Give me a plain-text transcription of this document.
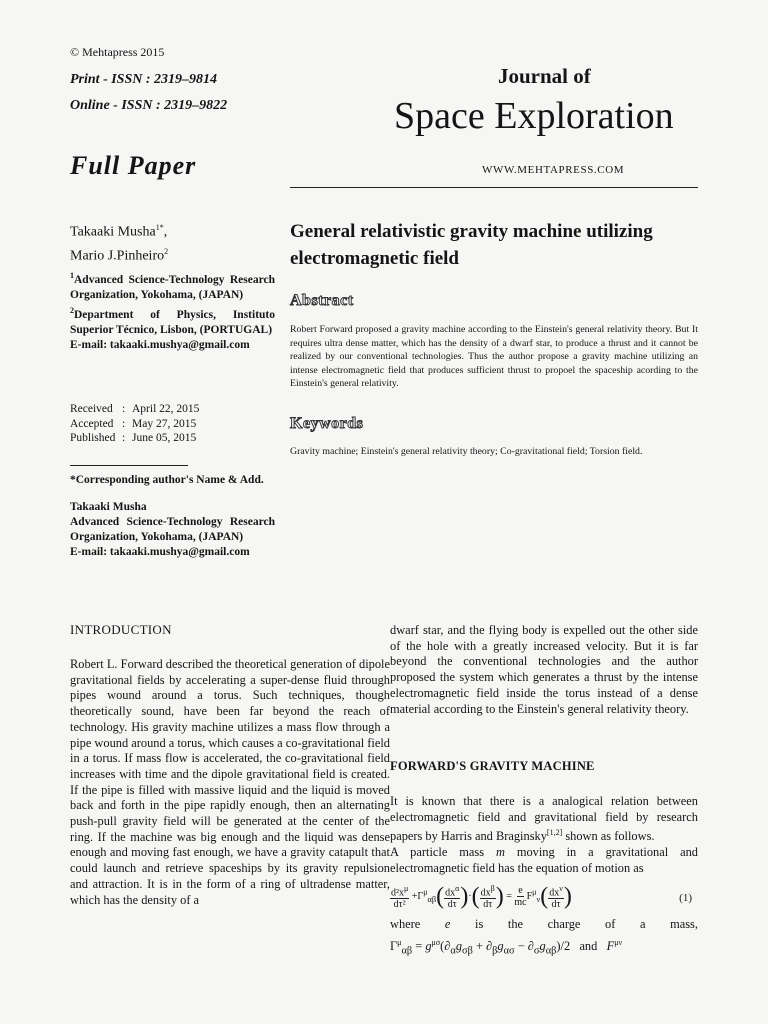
© Mehtapress 2015
Print - ISSN : 2319–9814
Online - ISSN : 2319–9822
Journal of
Space Exploration
Full Paper	WWW.MEHTAPRESS.COM
Takaaki Musha$^{1*}$,
Mario J.Pinheiro$^2$

$^1$Advanced Science-Technology Research Organization, Yokohama, (JAPAN)

$^2$Department of Physics, Instituto Superior Técnico, Lisbon, (PORTUGAL)

E-mail: takaaki.mushya@gmail.com

Received : April 22, 2015
Accepted : May 27, 2015
Published : June 05, 2015

*Corresponding author's Name & Add.

Takaaki Musha

Advanced Science-Technology Research Organization, Yokohama, (JAPAN)

E-mail: takaaki.mushya@gmail.com

General relativistic gravity machine utilizing electromagnetic field
Abstract
Robert Forward proposed a gravity machine according to the Einstein's general relativity theory. But It requires ultra dense matter, which has the density of a dwarf star, to produce a thrust and it cannot be realized by our conventional technologies. Thus the author propose a gravity machine utilizing an intense electromagnetic field that produces sufficient thrust to propoel the spaceship acording to the Einstein's general relativity.
Keywords
Gravity machine; Einstein's general relativity theory; Co-gravitational field; Torsion field.
INTRODUCTION

Robert L. Forward described the theoretical generation of dipole gravitational fields by accelerating a super-dense fluid through pipes wound around a torus. Such techniques, though theoretically sound, have been far beyond the reach of technology. His gravity machine utilizes a mass flow through a pipe wound around a torus, which causes a co-gravitational field in a torus. If mass flow is accelerated, the co-gravitational field increases with time and the dipole gravitational field is created. If the pipe is filled with massive liquid and the liquid is moved back and forth in the pipe rapidly enough, then an alternating push-pull gravity field will be generated at the center of the ring. If the machine was big enough and the liquid was dense enough and moving fast enough, we have a gravity catapult that could launch and retrieve spaceships by its gravity repulsion and attraction. It is in the form of a ring of ultradense matter, which has the density of a

dwarf star, and the flying body is expelled out the other side of the hole with a greatly increased velocity. But it is far beyond the conventional technologies and the author proposed the system which generates a thrust by the intense electromagnetic field inside the torus instead of a dense material according to the Einstein's general relativity theory.

FORWARD'S GRAVITY MACHINE

It is known that there is a analogical relation between electromagnetic field and gravitational field by research papers by Harris and Braginsky[1,2] shown as follows.

A particle mass m moving in a gravitational and electromagnetic field has the equation of motion as

$\frac{d^2x^\mu}{\text{dτ²}} +\Gamma^\mu_{\alpha\beta}( \frac{dx^\alpha}{d\tau}$ )·( $\frac{dx^\beta}{d\tau}$ ) = $\frac{e}{mc} F^\mu_\nu( \frac{dx^\nu}{d\tau}$ )	(1)
where e is the charge of a mass,
$\Gamma^\mu_{\alpha\beta} = g^{\mu\sigma}(\partial_\alpha g_{\sigma\beta} + \partial_\beta g_{\alpha\sigma} - \partial_\sigma g_{\alpha\beta})/2$ and $F^{\mu\nu}$
